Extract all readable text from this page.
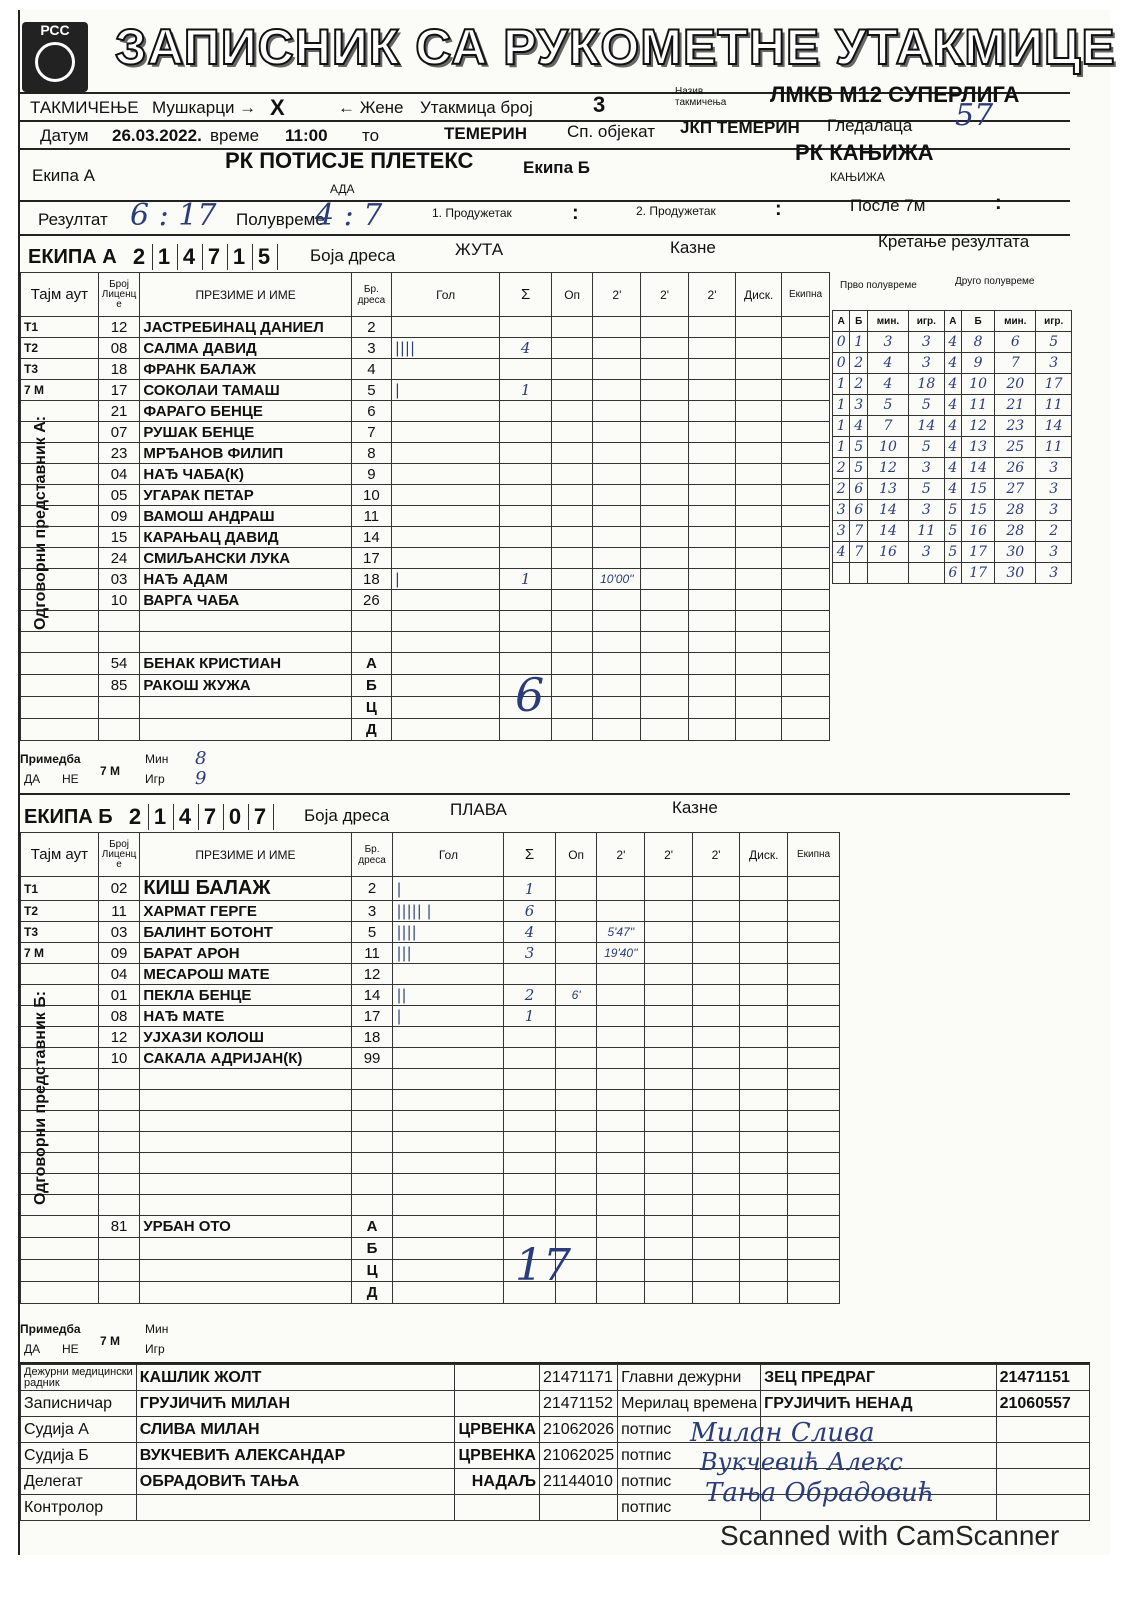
РСС ЗАПИСНИК СА РУКОМЕТНЕ УТАКМИЦЕ
ТАКМИЧЕЊЕ Мушкарци → X	← Жене Утакмица број	3
Назив такмичења ЛМКВ М12 СУПЕРЛИГА
Датум 26.03.2022. време 11:00 то	ТЕМЕРИН Сп. објекат ЈКП ТЕМЕРИН Гледалаца 57
Екипа А
РК ПОТИСЈЕ ПЛЕТЕКС
АДА
Екипа Б
РК КАЊИЖА
КАЊИЖА
Резултат 6 : 17 Полувреме
4 : 7	1. Продужетак	:	2. Продужетак	:	После 7м	:
ЕКИПА А 2 1 4 7 1 5	Боја дреса	ЖУТА	Казне	Кретање резултата
Тајм аут	Број Лиценц е	ПРЕЗИМЕ И ИМЕ	Бр. дреса	Гол	Σ	Оп	2'	2'	2'	Диск.	Екипна
Т1	12	ЈАСТРЕБИНАЦ ДАНИЕЛ	2								
Т2	08	САЛМА ДАВИД	3	||||	4						
Т3	18	ФРАНК БАЛАЖ	4								
7 М	17	СОКОЛАИ ТАМАШ	5	|	1						
	21	ФАРАГО БЕНЦЕ	6								
	07	РУШАК БЕНЦЕ	7								
	23	МРЂАНОВ ФИЛИП	8								
	04	НАЂ ЧАБА(К)	9								
	05	УГАРАК ПЕТАР	10								
	09	ВАМОШ АНДРАШ	11								
	15	КАРАЊАЦ ДАВИД	14								
	24	СМИЉАНСКИ ЛУКА	17								
	03	НАЂ АДАМ	18	|	1		10'00''				
	10	ВАРГА ЧАБА	26								

	54	БЕНАК КРИСТИАН	А								
	85	РАКОШ ЖУЖА	Б								
			Ц								
			Д								
Прво полувреме	Друго полувреме
А	Б	мин.	игр.	А	Б	мин.	игр.
0	1	3	3	4	8	6	5
0	2	4	3	4	9	7	3
1	2	4	18	4	10	20	17
1	3	5	5	4	11	21	11
1	4	7	14	4	12	23	14
1	5	10	5	4	13	25	11
2	5	12	3	4	14	26	3
2	6	13	5	4	15	27	3
3	6	14	3	5	15	28	3
3	7	14	11	5	16	28	2
4	7	16	3	5	17	30	3
				6	17	30	3
6
Одговорни представник А:
Примедба
ДА НЕ
7 М
Мин 8
Игр 9
ЕКИПА Б 2 1 4 7 0 7	Боја дреса	ПЛАВА	Казне
Тајм аут	Број Лиценц е	ПРЕЗИМЕ И ИМЕ	Бр. дреса	Гол	Σ	Оп	2'	2'	2'	Диск.	Екипна
Т1	02	КИШ БАЛАЖ	2	|	1						
Т2	11	ХАРМАТ ГЕРГЕ	3	||||| |	6						
Т3	03	БАЛИНТ БОТОНТ	5	||||	4		5'47''				
7 М	09	БАРАТ АРОН	11	|||	3		19'40''				
	04	МЕСАРОШ МАТЕ	12								
	01	ПЕКЛА БЕНЦЕ	14	||	2	6'					
	08	НАЂ МАТЕ	17	|	1						
	12	УЈХАЗИ КОЛОШ	18								
	10	САКАЛА АДРИЈАН(К)	99								

	81	УРБАН ОТО	А								
			Б								
			Ц								
			Д								
17
Одговорни представник Б:
Примедба
ДА НЕ
7 М
Мин
Игр
Дежурни медицински радник	КАШЛИК ЖОЛТ		21471171	Главни дежурни	ЗЕЦ ПРЕДРАГ	21471151
Записничар	ГРУЈИЧИЋ МИЛАН		21471152	Мерилац времена	ГРУЈИЧИЋ НЕНАД	21060557
Судија А	СЛИВА МИЛАН	ЦРВЕНКА	21062026	потпис		
Судија Б	ВУКЧЕВИЋ АЛЕКСАНДАР	ЦРВЕНКА	21062025	потпис		
Делегат	ОБРАДОВИЋ ТАЊА	НАДАЉ	21144010	потпис		
Контролор				потпис		
Милан Слива
Вукчевић Алекс
Тања Обрадовић
Scanned with CamScanner
